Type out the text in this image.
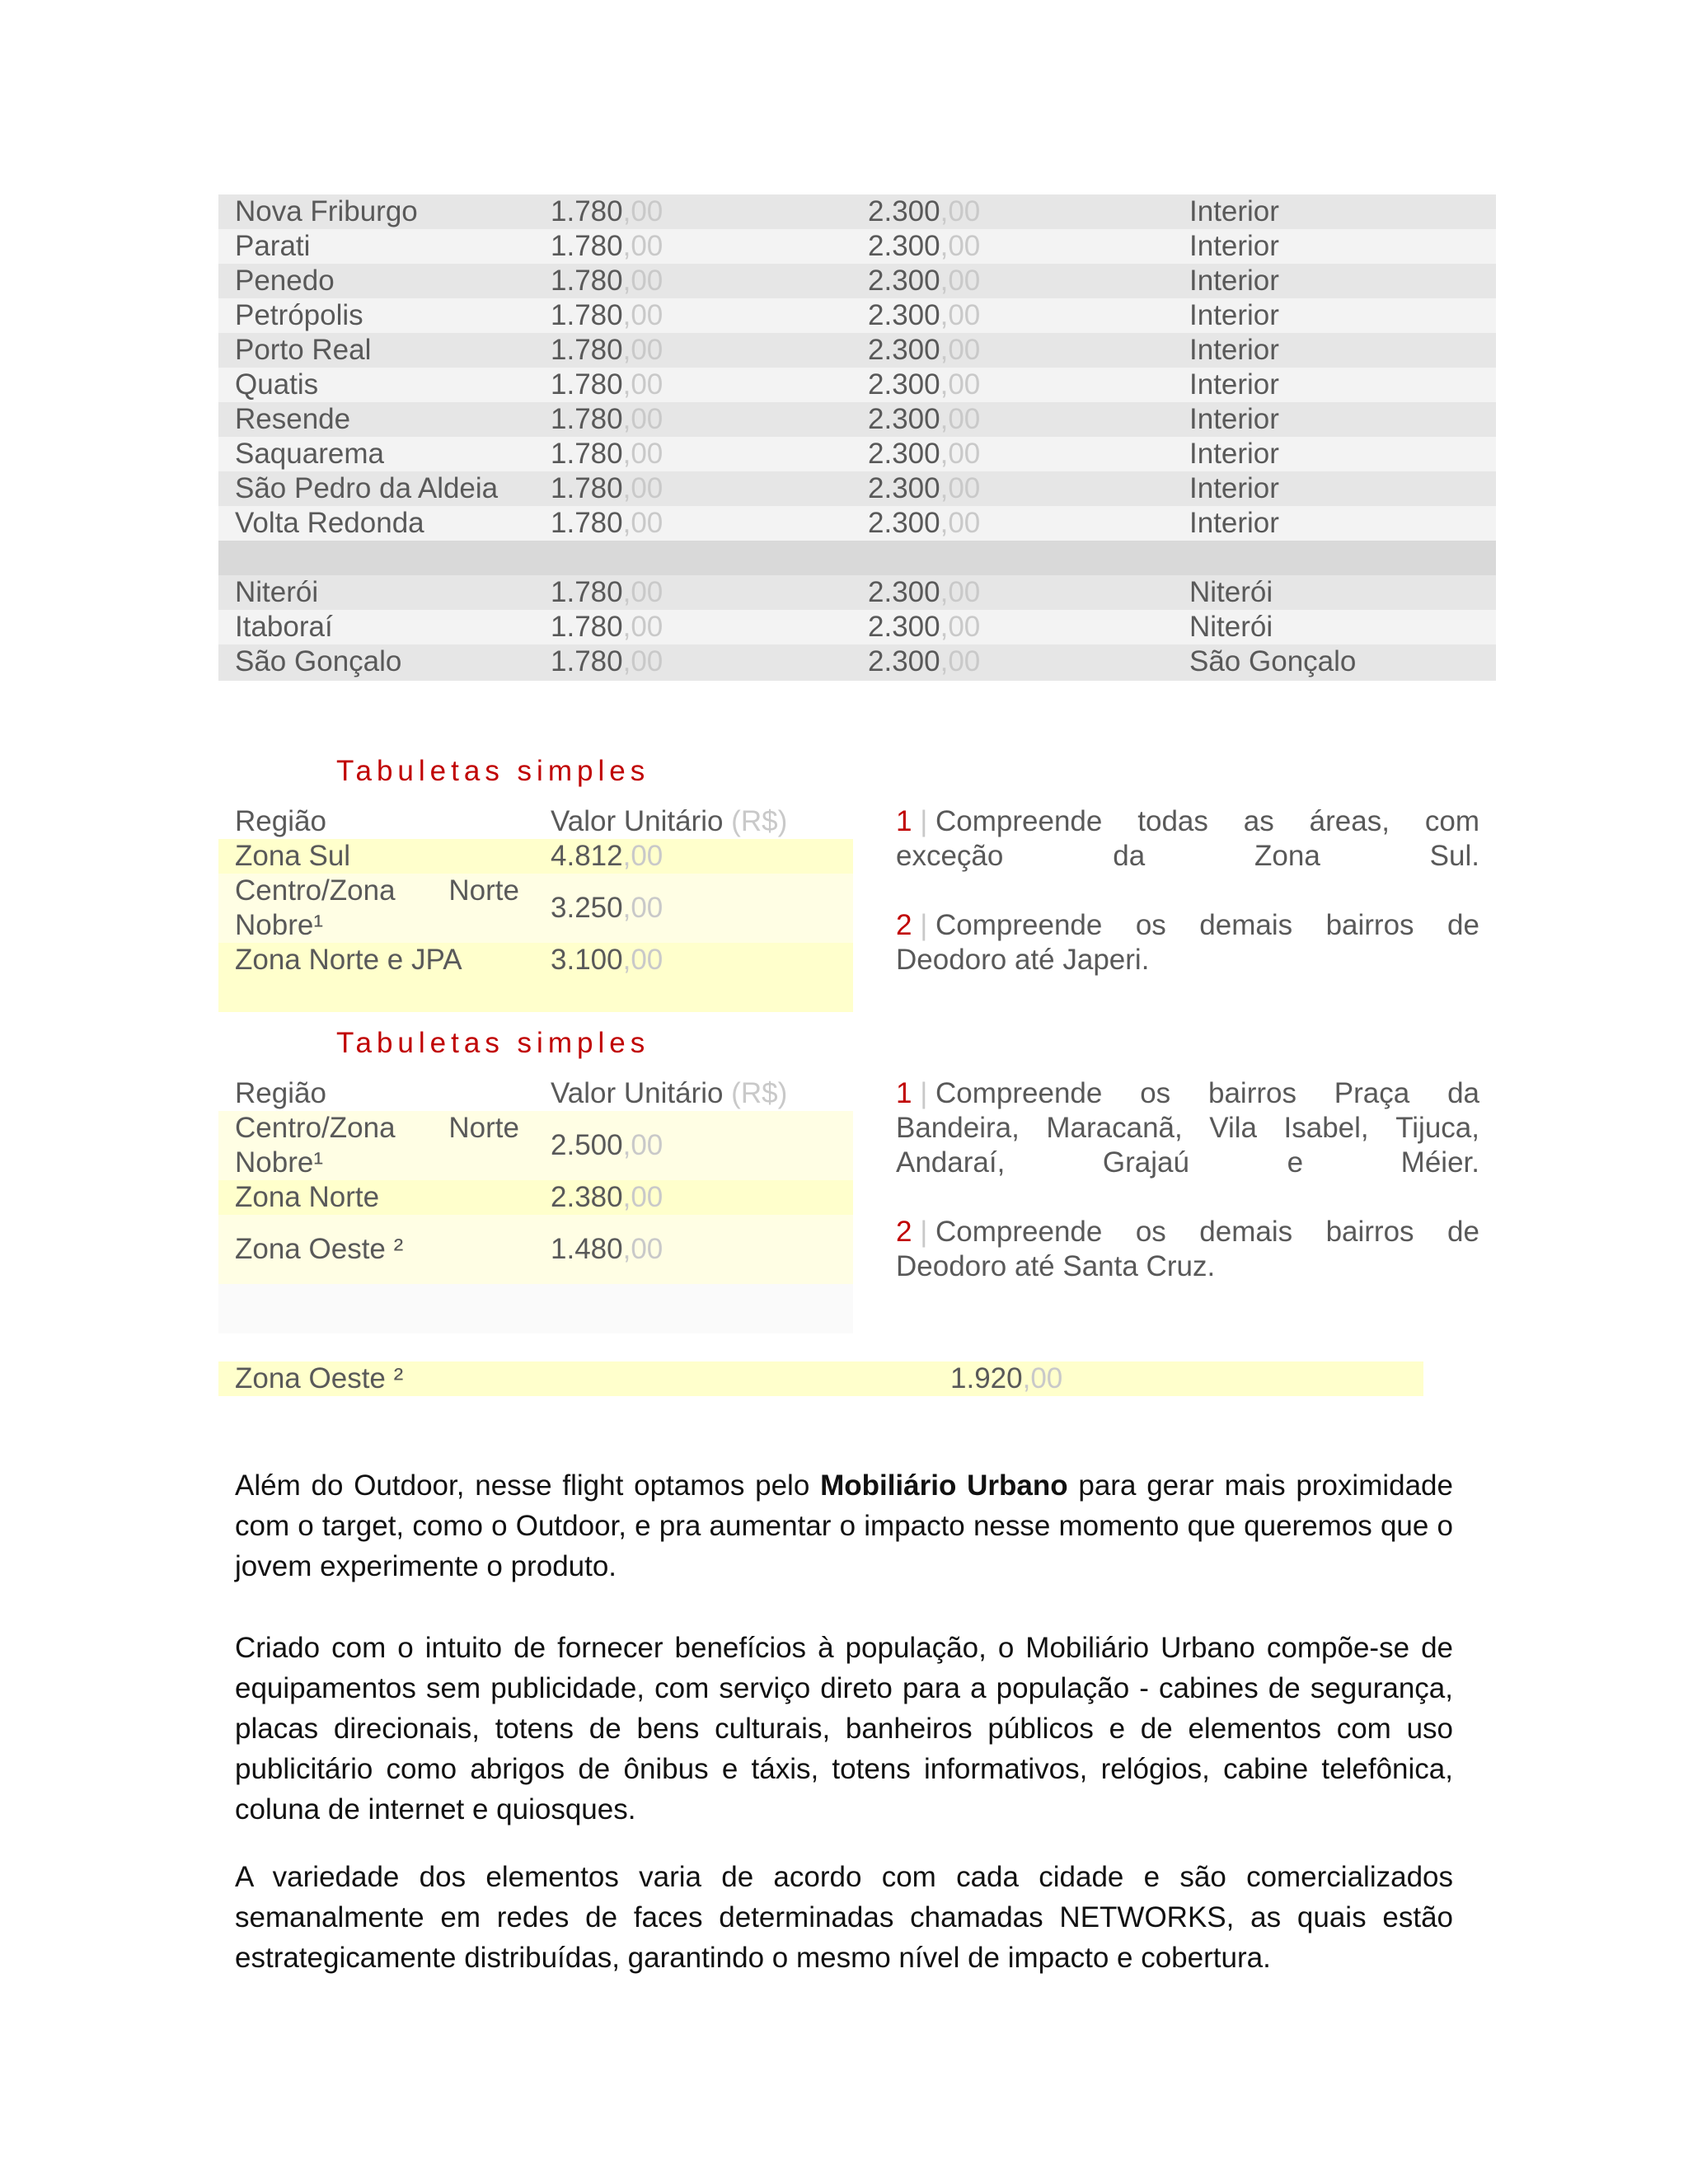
Nova Friburgo	1.780,00	2.300,00	Interior
Parati	1.780,00	2.300,00	Interior
Penedo	1.780,00	2.300,00	Interior
Petrópolis	1.780,00	2.300,00	Interior
Porto Real	1.780,00	2.300,00	Interior
Quatis	1.780,00	2.300,00	Interior
Resende	1.780,00	2.300,00	Interior
Saquarema	1.780,00	2.300,00	Interior
São Pedro da Aldeia 1.780,00	2.300,00	Interior
Volta Redonda	1.780,00	2.300,00	Interior
Niterói	1.780,00	2.300,00	Niterói
Itaboraí	1.780,00	2.300,00	Niterói
São Gonçalo	1.780,00	2.300,00	São Gonçalo
Tabuletas simples
Região	Valor Unitário (R$)
Zona Sul	4.812,00
Centro/Zona Norte

Nobre¹
3.250,00
Zona Norte e JPA	3.100,00
1 | Compreende todas as áreas, com
exceção	da	Zona	Sul.
2 | Compreende os demais bairros de
Deodoro até Japeri.
Tabuletas simples
Região	Valor Unitário (R$)
Centro/Zona Norte

Nobre¹
2.500,00
Zona Norte	2.380,00
Zona Oeste ²	1.480,00
1 | Compreende os bairros Praça da
Bandeira, Maracanã, Vila Isabel, Tijuca,
Andaraí,	Grajaú	e	Méier.
2 | Compreende os demais bairros de
Deodoro até Santa Cruz.
Zona Oeste ²	1.920,00
Além do Outdoor, nesse flight optamos pelo Mobiliário Urbano para gerar mais proximidade com o target, como o Outdoor, e pra aumentar o impacto nesse momento que queremos que o jovem experimente o produto.
Criado com o intuito de fornecer benefícios à população, o Mobiliário Urbano compõe-se de equipamentos sem publicidade, com serviço direto para a população - cabines de segurança, placas direcionais, totens de bens culturais, banheiros públicos e de elementos com uso publicitário como abrigos de ônibus e táxis, totens informativos, relógios, cabine telefônica, coluna de internet e quiosques.
A variedade dos elementos varia de acordo com cada cidade e são comercializados semanalmente em redes de faces determinadas chamadas NETWORKS, as quais estão estrategicamente distribuídas, garantindo o mesmo nível de impacto e cobertura.
